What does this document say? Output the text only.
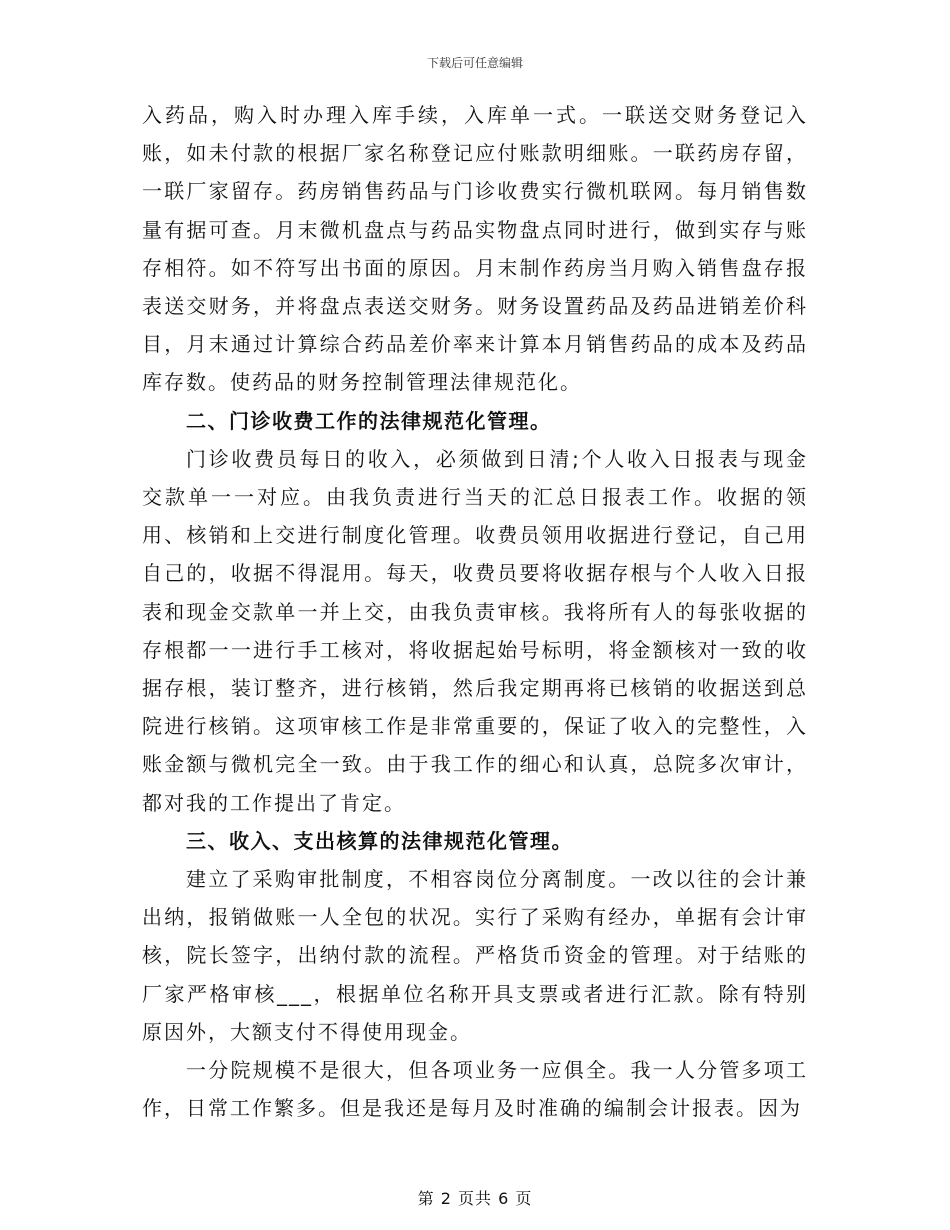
下载后可任意编辑

入药品，购入时办理入库手续，入库单一式。一联送交财务登记入账，如未付款的根据厂家名称登记应付账款明细账。一联药房存留，一联厂家留存。药房销售药品与门诊收费实行微机联网。每月销售数量有据可查。月末微机盘点与药品实物盘点同时进行，做到实存与账存相符。如不符写出书面的原因。月末制作药房当月购入销售盘存报表送交财务，并将盘点表送交财务。财务设置药品及药品进销差价科目，月末通过计算综合药品差价率来计算本月销售药品的成本及药品库存数。使药品的财务控制管理法律规范化。

二、门诊收费工作的法律规范化管理。

门诊收费员每日的收入，必须做到日清;个人收入日报表与现金交款单一一对应。由我负责进行当天的汇总日报表工作。收据的领用、核销和上交进行制度化管理。收费员领用收据进行登记，自己用自己的，收据不得混用。每天，收费员要将收据存根与个人收入日报表和现金交款单一并上交，由我负责审核。我将所有人的每张收据的存根都一一进行手工核对，将收据起始号标明，将金额核对一致的收据存根，装订整齐，进行核销，然后我定期再将已核销的收据送到总院进行核销。这项审核工作是非常重要的，保证了收入的完整性，入账金额与微机完全一致。由于我工作的细心和认真，总院多次审计，都对我的工作提出了肯定。

三、收入、支出核算的法律规范化管理。

建立了采购审批制度，不相容岗位分离制度。一改以往的会计兼出纳，报销做账一人全包的状况。实行了采购有经办，单据有会计审核，院长签字，出纳付款的流程。严格货币资金的管理。对于结账的厂家严格审核___，根据单位名称开具支票或者进行汇款。除有特别原因外，大额支付不得使用现金。

一分院规模不是很大，但各项业务一应俱全。我一人分管多项工作，日常工作繁多。但是我还是每月及时准确的编制会计报表。因为

第 2 页共 6 页
